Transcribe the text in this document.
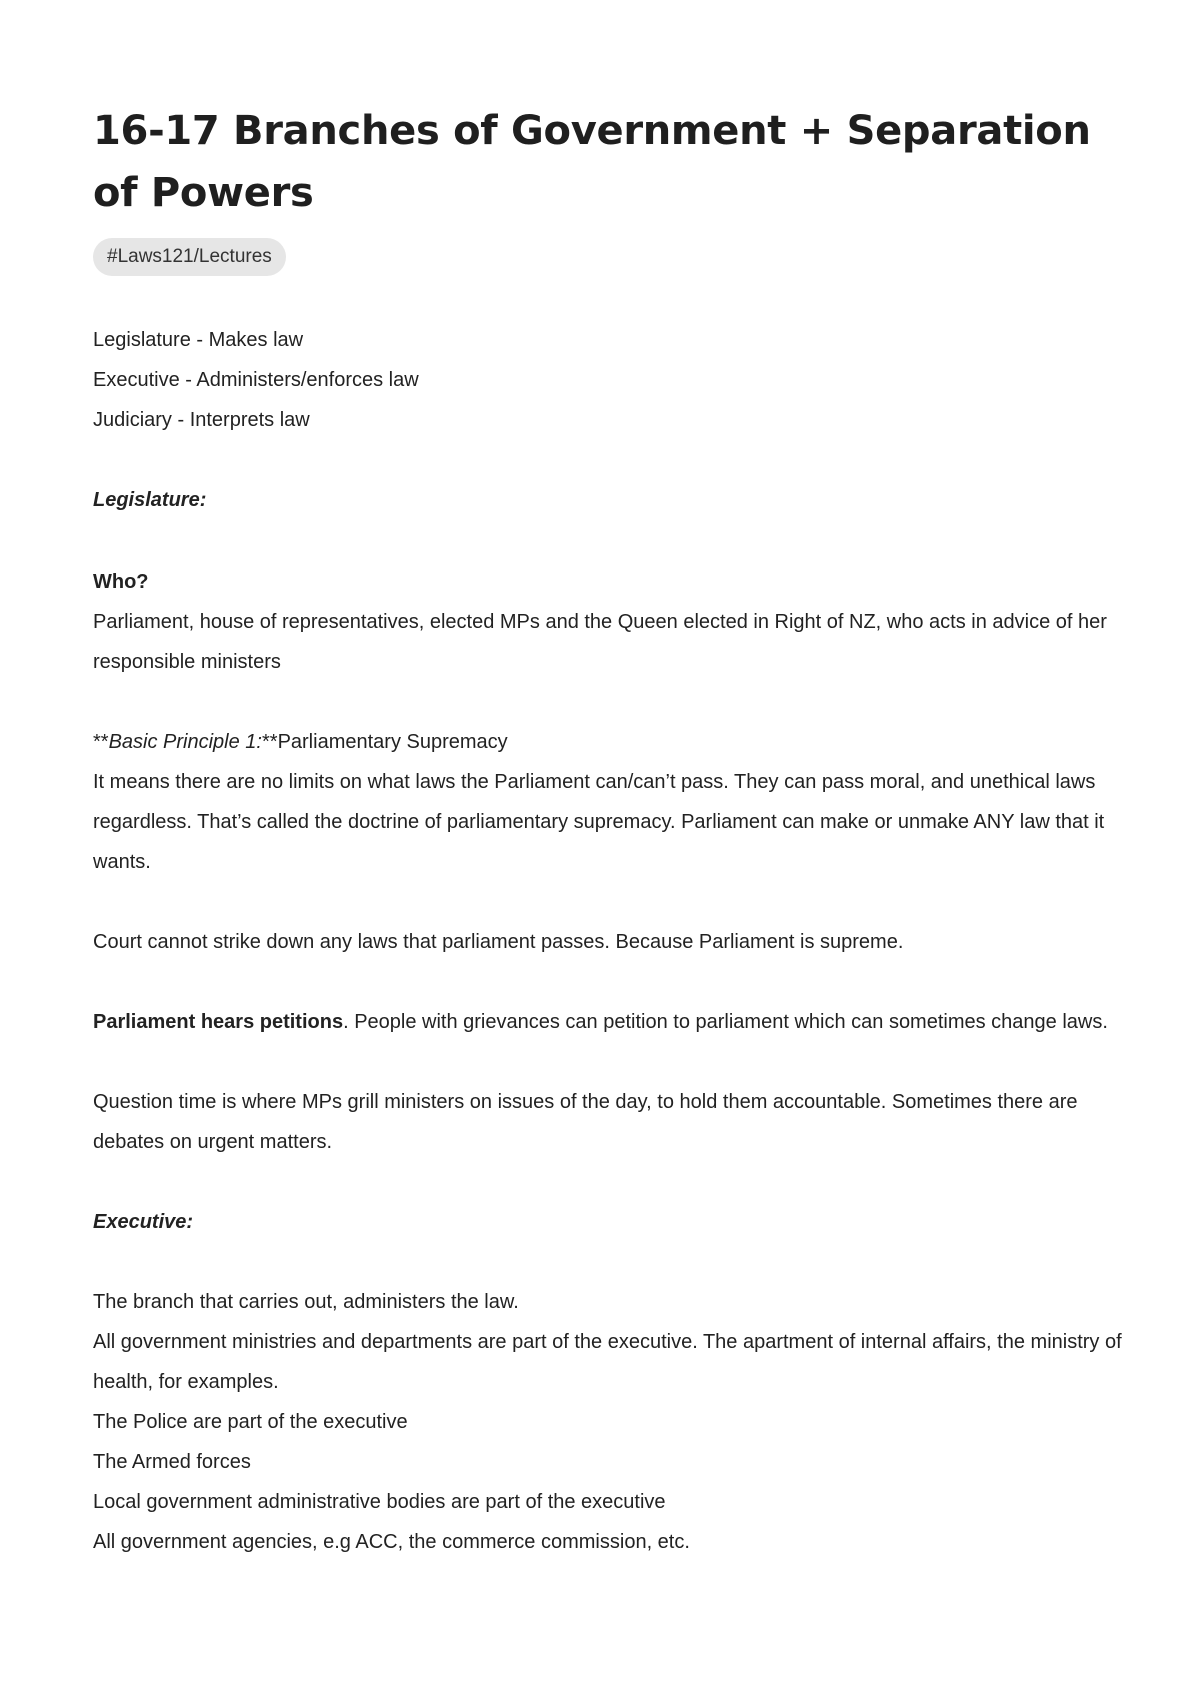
16-17 Branches of Government + Separation of Powers
#Laws121/Lectures

Legislature - Makes law

Executive - Administers/enforces law

Judiciary - Interprets law

Legislature:

Who?

Parliament, house of representatives, elected MPs and the Queen elected in Right of NZ, who acts in advice of her responsible ministers

**Basic Principle 1:**Parliamentary Supremacy

It means there are no limits on what laws the Parliament can/can’t pass. They can pass moral, and unethical laws regardless. That’s called the doctrine of parliamentary supremacy. Parliament can make or unmake ANY law that it wants.

Court cannot strike down any laws that parliament passes. Because Parliament is supreme.

Parliament hears petitions. People with grievances can petition to parliament which can sometimes change laws.

Question time is where MPs grill ministers on issues of the day, to hold them accountable. Sometimes there are debates on urgent matters.

Executive:

The branch that carries out, administers the law.

All government ministries and departments are part of the executive. The apartment of internal affairs, the ministry of health, for examples.

The Police are part of the executive

The Armed forces

Local government administrative bodies are part of the executive

All government agencies, e.g ACC, the commerce commission, etc.
